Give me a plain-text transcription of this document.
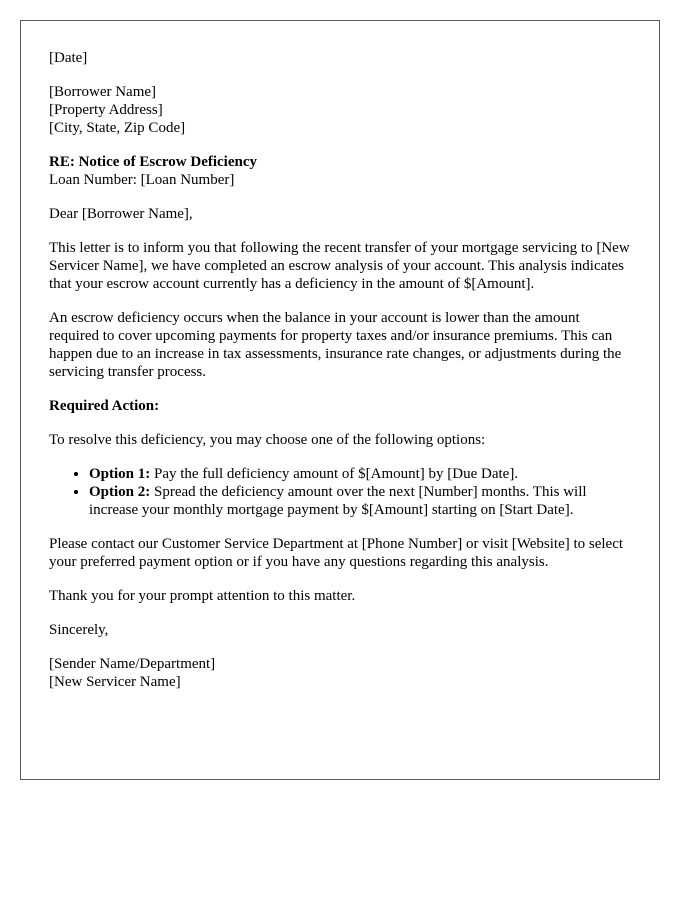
[Date]

[Borrower Name]
[Property Address]
[City, State, Zip Code]

RE: Notice of Escrow Deficiency
Loan Number: [Loan Number]

Dear [Borrower Name],

This letter is to inform you that following the recent transfer of your mortgage servicing to [New Servicer Name], we have completed an escrow analysis of your account. This analysis indicates that your escrow account currently has a deficiency in the amount of $[Amount].

An escrow deficiency occurs when the balance in your account is lower than the amount required to cover upcoming payments for property taxes and/or insurance premiums. This can happen due to an increase in tax assessments, insurance rate changes, or adjustments during the servicing transfer process.

Required Action:

To resolve this deficiency, you may choose one of the following options:

• Option 1: Pay the full deficiency amount of $[Amount] by [Due Date].
• Option 2: Spread the deficiency amount over the next [Number] months. This will increase your monthly mortgage payment by $[Amount] starting on [Start Date].

Please contact our Customer Service Department at [Phone Number] or visit [Website] to select your preferred payment option or if you have any questions regarding this analysis.

Thank you for your prompt attention to this matter.

Sincerely,

[Sender Name/Department]
[New Servicer Name]
